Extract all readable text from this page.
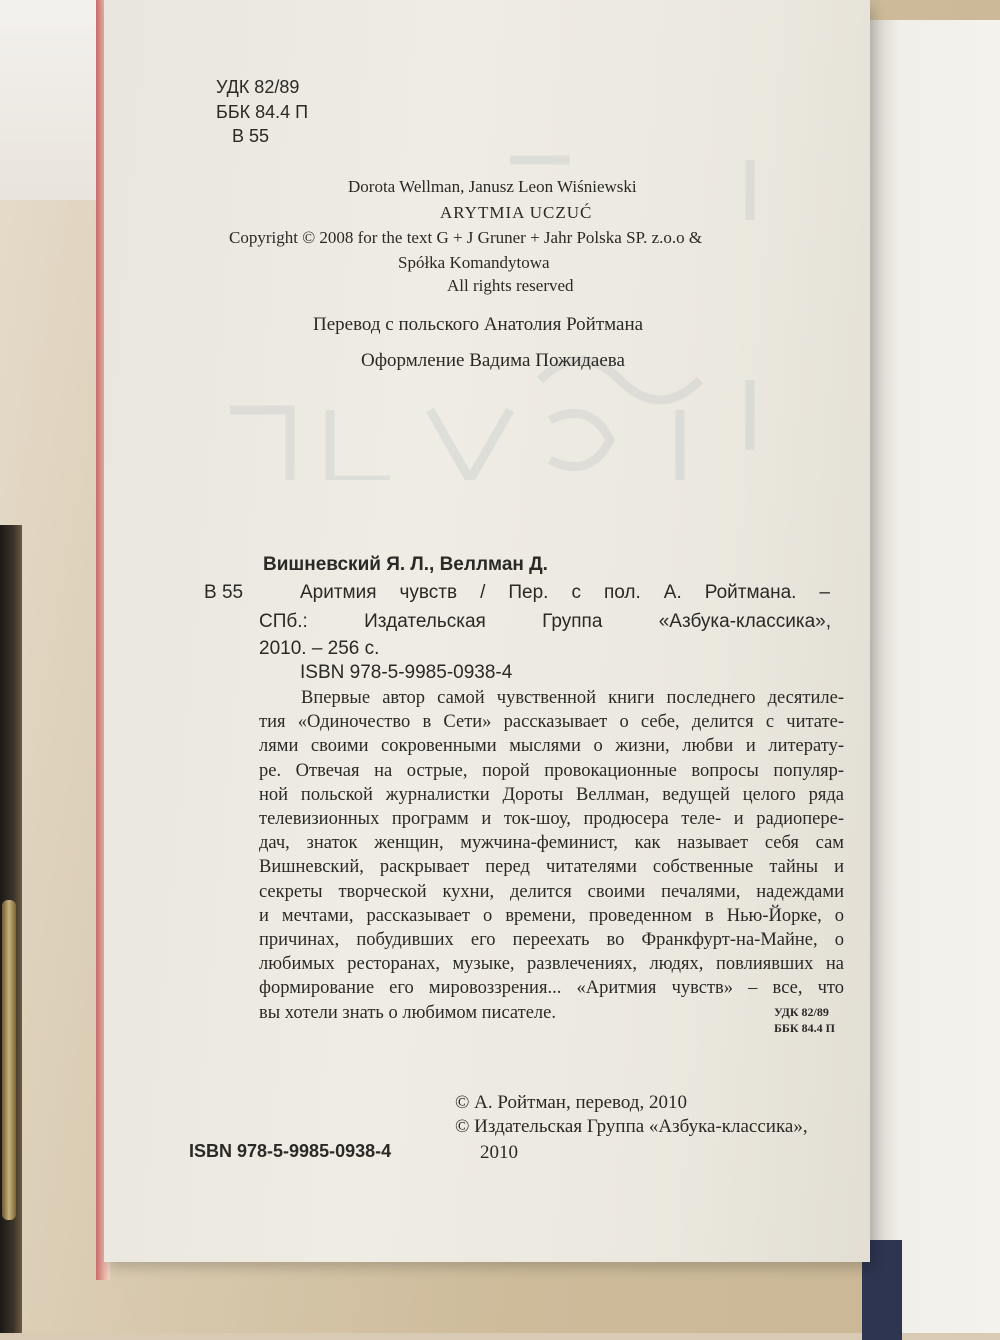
УДК 82/89
ББК 84.4 П
В 55
Dorota Wellman, Janusz Leon Wiśniewski
ARYTMIA UCZUĆ
Copyright © 2008 for the text G + J Gruner + Jahr Polska SP. z.o.o &
Spółka Komandytowa
All rights reserved
Перевод с польского Анатолия Ройтмана
Оформление Вадима Пожидаева
Вишневский Я. Л., Веллман Д.
В 55	Аритмия чувств / Пер. с пол. А. Ройтмана. –
СПб.: Издательская Группа «Азбука-классика»,
2010. – 256 с.
ISBN 978-5-9985-0938-4
Впервые автор самой чувственной книги последнего десятиле-
тия «Одиночество в Сети» рассказывает о себе, делится с читате-
лями своими сокровенными мыслями о жизни, любви и литерату-
ре. Отвечая на острые, порой провокационные вопросы популяр-
ной польской журналистки Дороты Веллман, ведущей целого ряда
телевизионных программ и ток-шоу, продюсера теле- и радиопере-
дач, знаток женщин, мужчина-феминист, как называет себя сам
Вишневский, раскрывает перед читателями собственные тайны и
секреты творческой кухни, делится своими печалями, надеждами
и мечтами, рассказывает о времени, проведенном в Нью-Йорке, о
причинах, побудивших его переехать во Франкфурт-на-Майне, о
любимых ресторанах, музыке, развлечениях, людях, повлиявших на
формирование его мировоззрения... «Аритмия чувств» – все, что
вы хотели знать о любимом писателе.	УДК 82/89
ББК 84.4 П
ISBN 978-5-9985-0938-4
© А. Ройтман, перевод, 2010
© Издательская Группа «Азбука-классика»,
2010
